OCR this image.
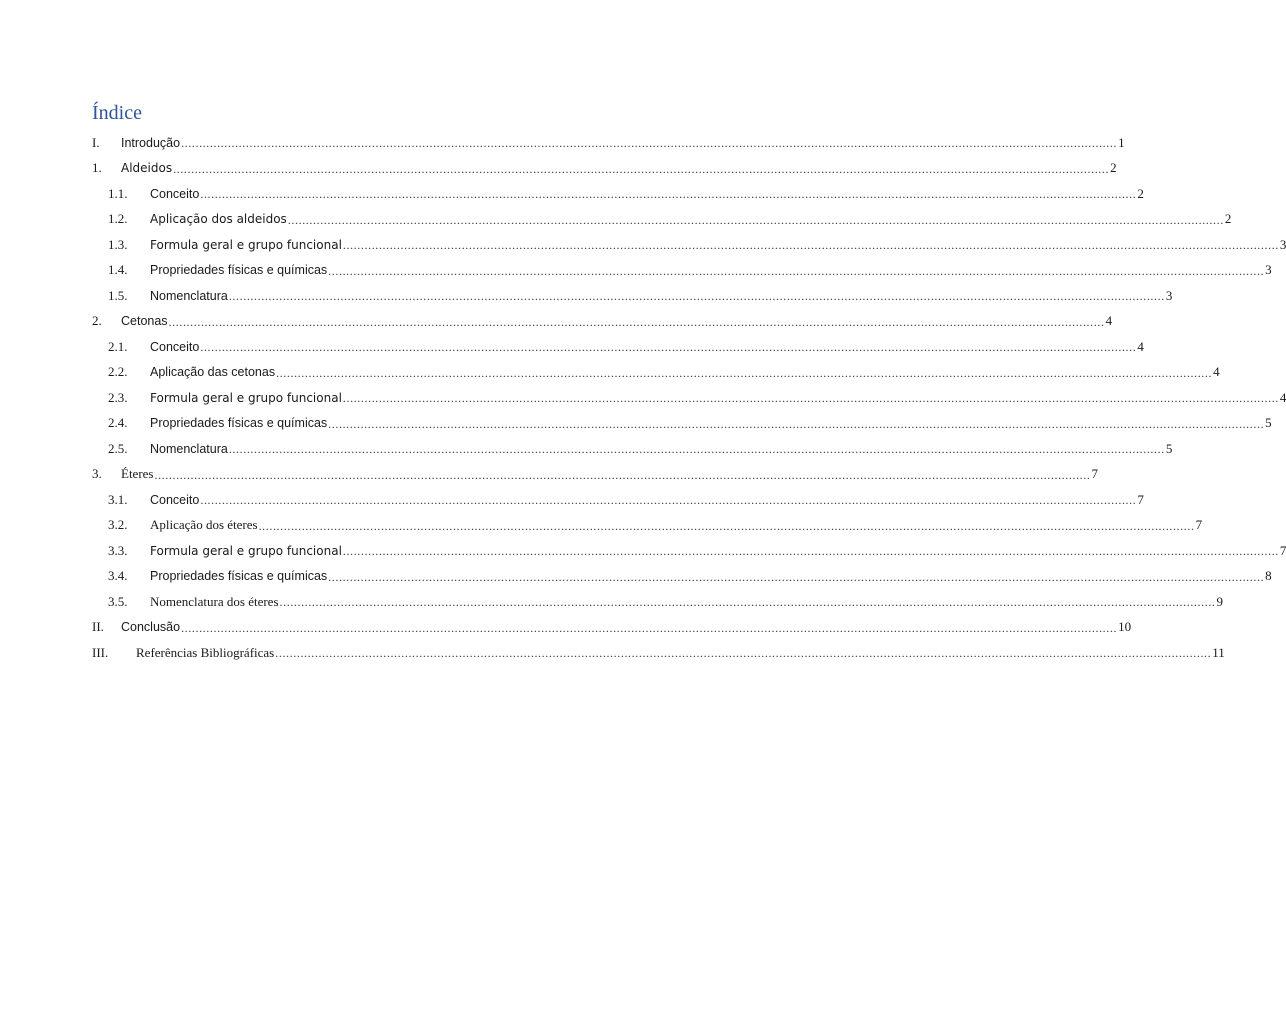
Índice
I.	Introdução .................................................................................................................................................................................................................................................................... 1
1.	Aldeidos .................................................................................................................................................................................................................................................................... 2
1.1.	Conceito .................................................................................................................................................................................................................................................................... 2
1.2.	Aplicação dos aldeidos .................................................................................................................................................................................................................................................................... 2
1.3.	Formula geral e grupo funcional .................................................................................................................................................................................................................................................................... 3
1.4.	Propriedades físicas e químicas .................................................................................................................................................................................................................................................................... 3
1.5.	Nomenclatura .................................................................................................................................................................................................................................................................... 3
2.	Cetonas .................................................................................................................................................................................................................................................................... 4
2.1.	Conceito .................................................................................................................................................................................................................................................................... 4
2.2.	Aplicação das cetonas .................................................................................................................................................................................................................................................................... 4
2.3.	Formula geral e grupo funcional .................................................................................................................................................................................................................................................................... 4
2.4.	Propriedades físicas e químicas .................................................................................................................................................................................................................................................................... 5
2.5.	Nomenclatura .................................................................................................................................................................................................................................................................... 5
3.	Éteres .................................................................................................................................................................................................................................................................... 7
3.1.	Conceito .................................................................................................................................................................................................................................................................... 7
3.2.	Aplicação dos éteres .................................................................................................................................................................................................................................................................... 7
3.3.	Formula geral e grupo funcional .................................................................................................................................................................................................................................................................... 7
3.4.	Propriedades físicas e químicas .................................................................................................................................................................................................................................................................... 8
3.5.	Nomenclatura dos éteres .................................................................................................................................................................................................................................................................... 9
II.	Conclusão .................................................................................................................................................................................................................................................................... 10
III.	Referências Bibliográficas .................................................................................................................................................................................................................................................................... 11
